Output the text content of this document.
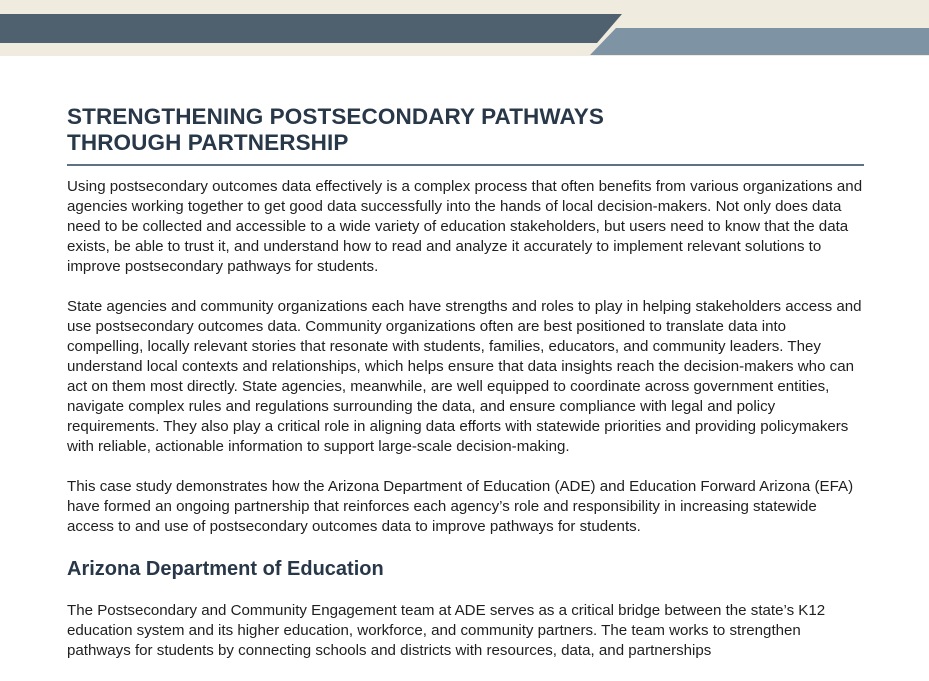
STRENGTHENING POSTSECONDARY PATHWAYS
THROUGH PARTNERSHIP

Using postsecondary outcomes data effectively is a complex process that often benefits from various organizations and agencies working together to get good data successfully into the hands of local decision-makers. Not only does data need to be collected and accessible to a wide variety of education stakeholders, but users need to know that the data exists, be able to trust it, and understand how to read and analyze it accurately to implement relevant solutions to improve postsecondary pathways for students.

State agencies and community organizations each have strengths and roles to play in helping stakeholders access and use postsecondary outcomes data. Community organizations often are best positioned to translate data into compelling, locally relevant stories that resonate with students, families, educators, and community leaders. They understand local contexts and relationships, which helps ensure that data insights reach the decision-makers who can act on them most directly. State agencies, meanwhile, are well equipped to coordinate across government entities, navigate complex rules and regulations surrounding the data, and ensure compliance with legal and policy requirements. They also play a critical role in aligning data efforts with statewide priorities and providing policymakers with reliable, actionable information to support large-scale decision-making.

This case study demonstrates how the Arizona Department of Education (ADE) and Education Forward Arizona (EFA) have formed an ongoing partnership that reinforces each agency’s role and responsibility in increasing statewide access to and use of postsecondary outcomes data to improve pathways for students.

Arizona Department of Education

The Postsecondary and Community Engagement team at ADE serves as a critical bridge between the state’s K12 education system and its higher education, workforce, and community partners. The team works to strengthen pathways for students by connecting schools and districts with resources, data, and partnerships
